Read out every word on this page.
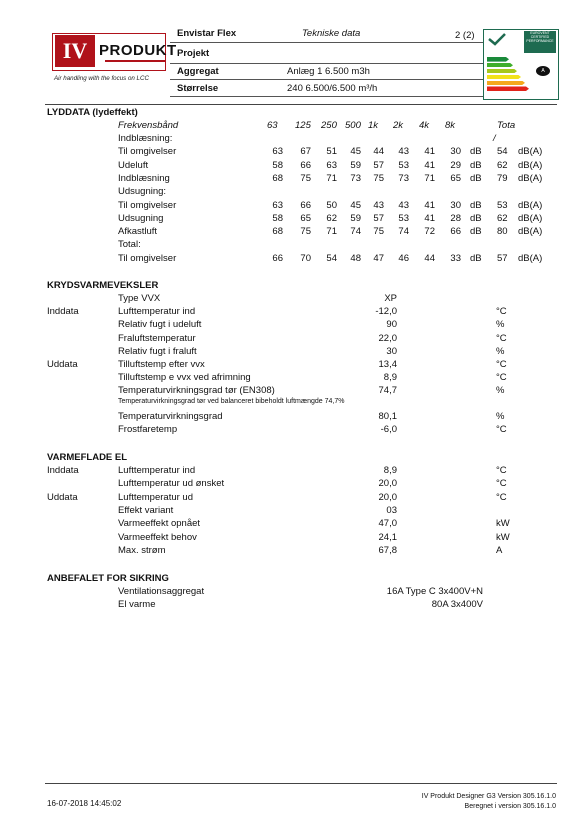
IV PRODUKT
Air handling with the focus on LCC
Envistar Flex	Tekniske data	2 (2)
Projekt
Aggregat	Anlæg 1 6.500 m3h
Størrelse	240 6.500/6.500 m³/h
EUROVENT CERTIFIED PERFORMANCE
A
LYDDATA (lydeffekt)
Frekvensbånd	63 125 250 500 1k 2k 4k 8k	Tota
/
Indblæsning:
Til omgivelser	63	67	51	45	44	43	41	30 dB 54 dB(A)
Udeluft	58	66	63	59	57	53	41	29 dB 62 dB(A)
Indblæsning	68	75	71	73	75	73	71	65 dB 79 dB(A)
Udsugning:
Til omgivelser	63	66	50	45	43	43	41	30 dB 53 dB(A)
Udsugning	58	65	62	59	57	53	41	28 dB 62 dB(A)
Afkastluft	68	75	71	74	75	74	72	66 dB 80 dB(A)
Total:
Til omgivelser	66	70	54	48	47	46	44	33 dB 57 dB(A)
KRYDSVARMEVEKSLER
Type VVX	XP
Inddata	Lufttemperatur ind	-12,0	°C
Relativ fugt i udeluft	90	%
Fraluftstemperatur	22,0	°C
Relativ fugt i fraluft	30	%
Uddata	Tilluftstemp efter vvx	13,4	°C
Tilluftstemp e vvx ved afrimning	8,9	°C
Temperaturvirkningsgrad tør (EN308)	74,7	%
Temperaturvirkningsgrad tør ved balanceret bibeholdt luftmængde 74,7%
Temperaturvirkningsgrad	80,1	%
Frostfaretemp	-6,0	°C
VARMEFLADE EL
Inddata	Lufttemperatur ind	8,9	°C
Lufttemperatur ud ønsket	20,0	°C
Uddata	Lufttemperatur ud	20,0	°C
Effekt variant	03
Varmeeffekt opnået	47,0	kW
Varmeeffekt behov	24,1	kW
Max. strøm	67,8	A
ANBEFALET FOR SIKRING
Ventilationsaggregat	16A Type C 3x400V+N
El varme	80A 3x400V
16-07-2018 14:45:02
IV Produkt Designer G3 Version 305.16.1.0
Beregnet i version 305.16.1.0
